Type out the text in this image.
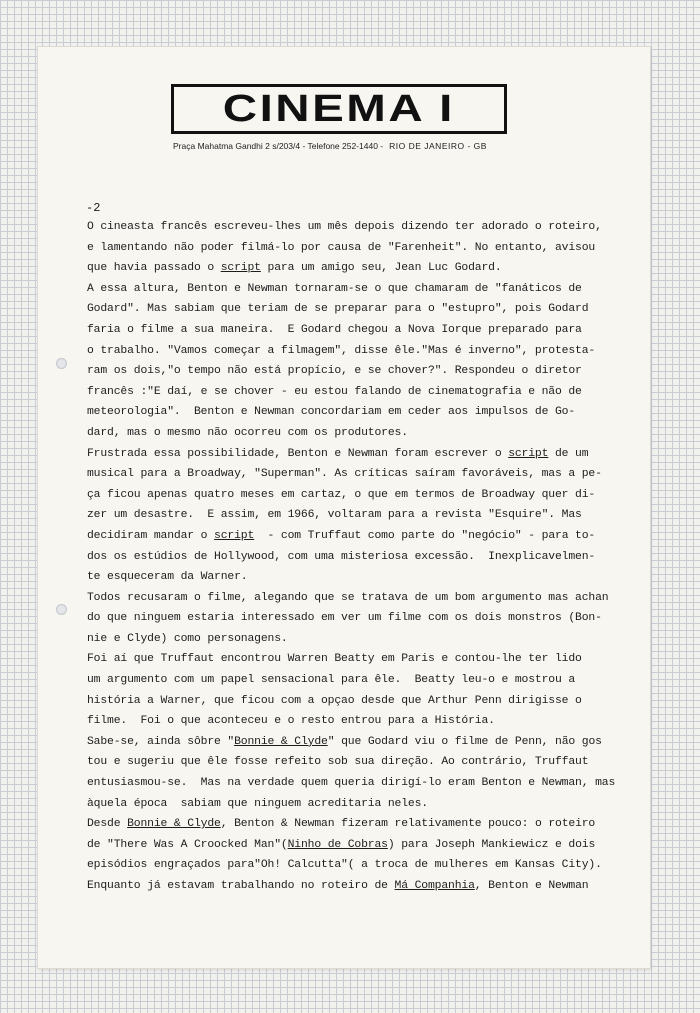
CINEMA I
Praça Mahatma Gandhi 2 s/203/4 - Telefone 252-1440 - RIO DE JANEIRO - GB
-2
O cineasta francês escreveu-lhes um mês depois dizendo ter adorado o roteiro,
e lamentando não poder filmá-lo por causa de "Farenheit". No entanto, avisou
que havia passado o script para um amigo seu, Jean Luc Godard.
A essa altura, Benton e Newman tornaram-se o que chamaram de "fanáticos de
Godard". Mas sabiam que teriam de se preparar para o "estupro", pois Godard
faria o filme a sua maneira.  E Godard chegou a Nova Iorque preparado para
o trabalho. "Vamos começar a filmagem", disse êle."Mas é inverno", protesta-
ram os dois,"o tempo não está propício, e se chover?". Respondeu o diretor
francês :"E daí, e se chover - eu estou falando de cinematografia e não de
meteorologia".  Benton e Newman concordariam em ceder aos impulsos de Go-
dard, mas o mesmo não ocorreu com os produtores.
Frustrada essa possibilidade, Benton e Newman foram escrever o script de um
musical para a Broadway, "Superman". As críticas saíram favoráveis, mas a pe-
ça ficou apenas quatro meses em cartaz, o que em termos de Broadway quer di-
zer um desastre.  E assim, em 1966, voltaram para a revista "Esquire". Mas
decidiram mandar o script  - com Truffaut como parte do "negócio" - para to-
dos os estúdios de Hollywood, com uma misteriosa excessão.  Inexplicavelmen-
te esqueceram da Warner.
Todos recusaram o filme, alegando que se tratava de um bom argumento mas achan
do que ninguem estaria interessado em ver um filme com os dois monstros (Bon-
nie e Clyde) como personagens.
Foi aí que Truffaut encontrou Warren Beatty em Paris e contou-lhe ter lido
um argumento com um papel sensacional para êle.  Beatty leu-o e mostrou a
história a Warner, que ficou com a opçao desde que Arthur Penn dirigisse o
filme.  Foi o que aconteceu e o resto entrou para a História.
Sabe-se, ainda sôbre "Bonnie & Clyde" que Godard viu o filme de Penn, não gos
tou e sugeriu que êle fosse refeito sob sua direção. Ao contrário, Truffaut
entusiasmou-se.  Mas na verdade quem queria dirigí-lo eram Benton e Newman, mas
àquela época  sabiam que ninguem acreditaria neles.
Desde Bonnie & Clyde, Benton & Newman fizeram relativamente pouco: o roteiro
de "There Was A Croocked Man"(Ninho de Cobras) para Joseph Mankiewicz e dois
episódios engraçados para"Oh! Calcutta"( a troca de mulheres em Kansas City).
Enquanto já estavam trabalhando no roteiro de Má Companhia, Benton e Newman
